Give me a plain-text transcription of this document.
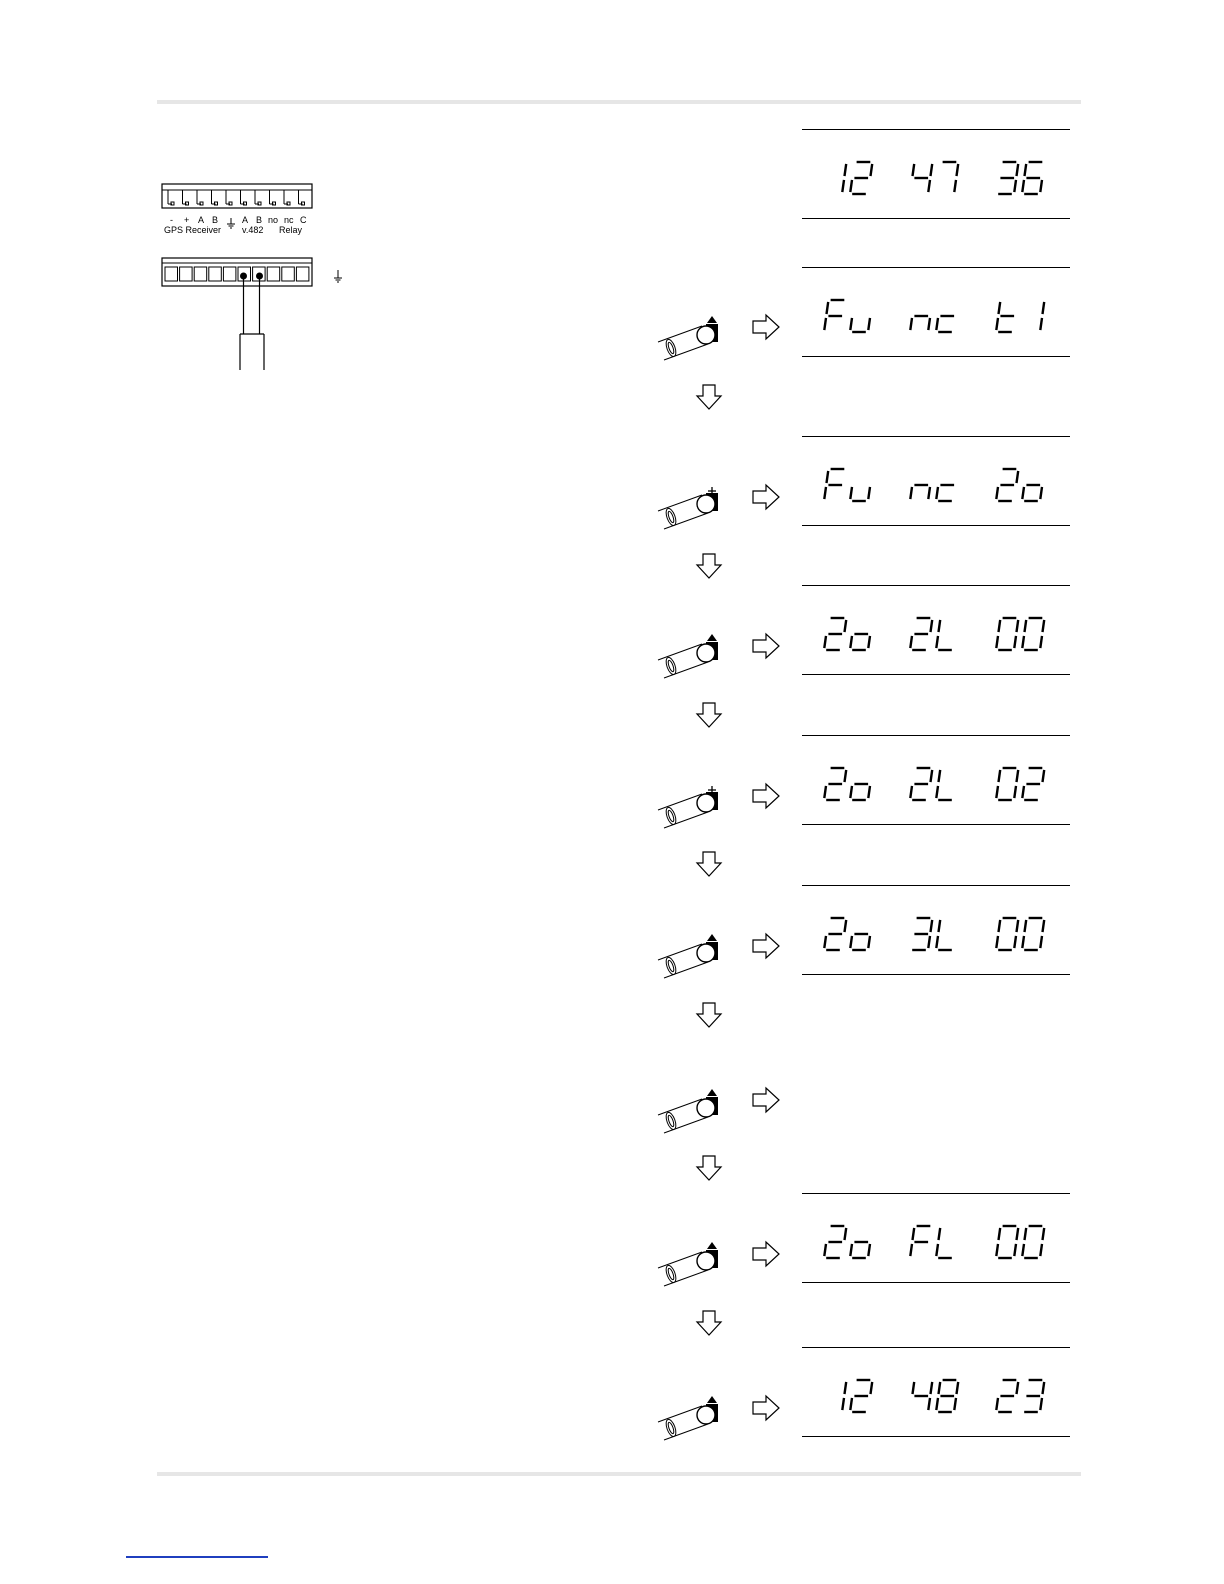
- + A B	A B no nc C
GPS Receiver v.482 Relay
